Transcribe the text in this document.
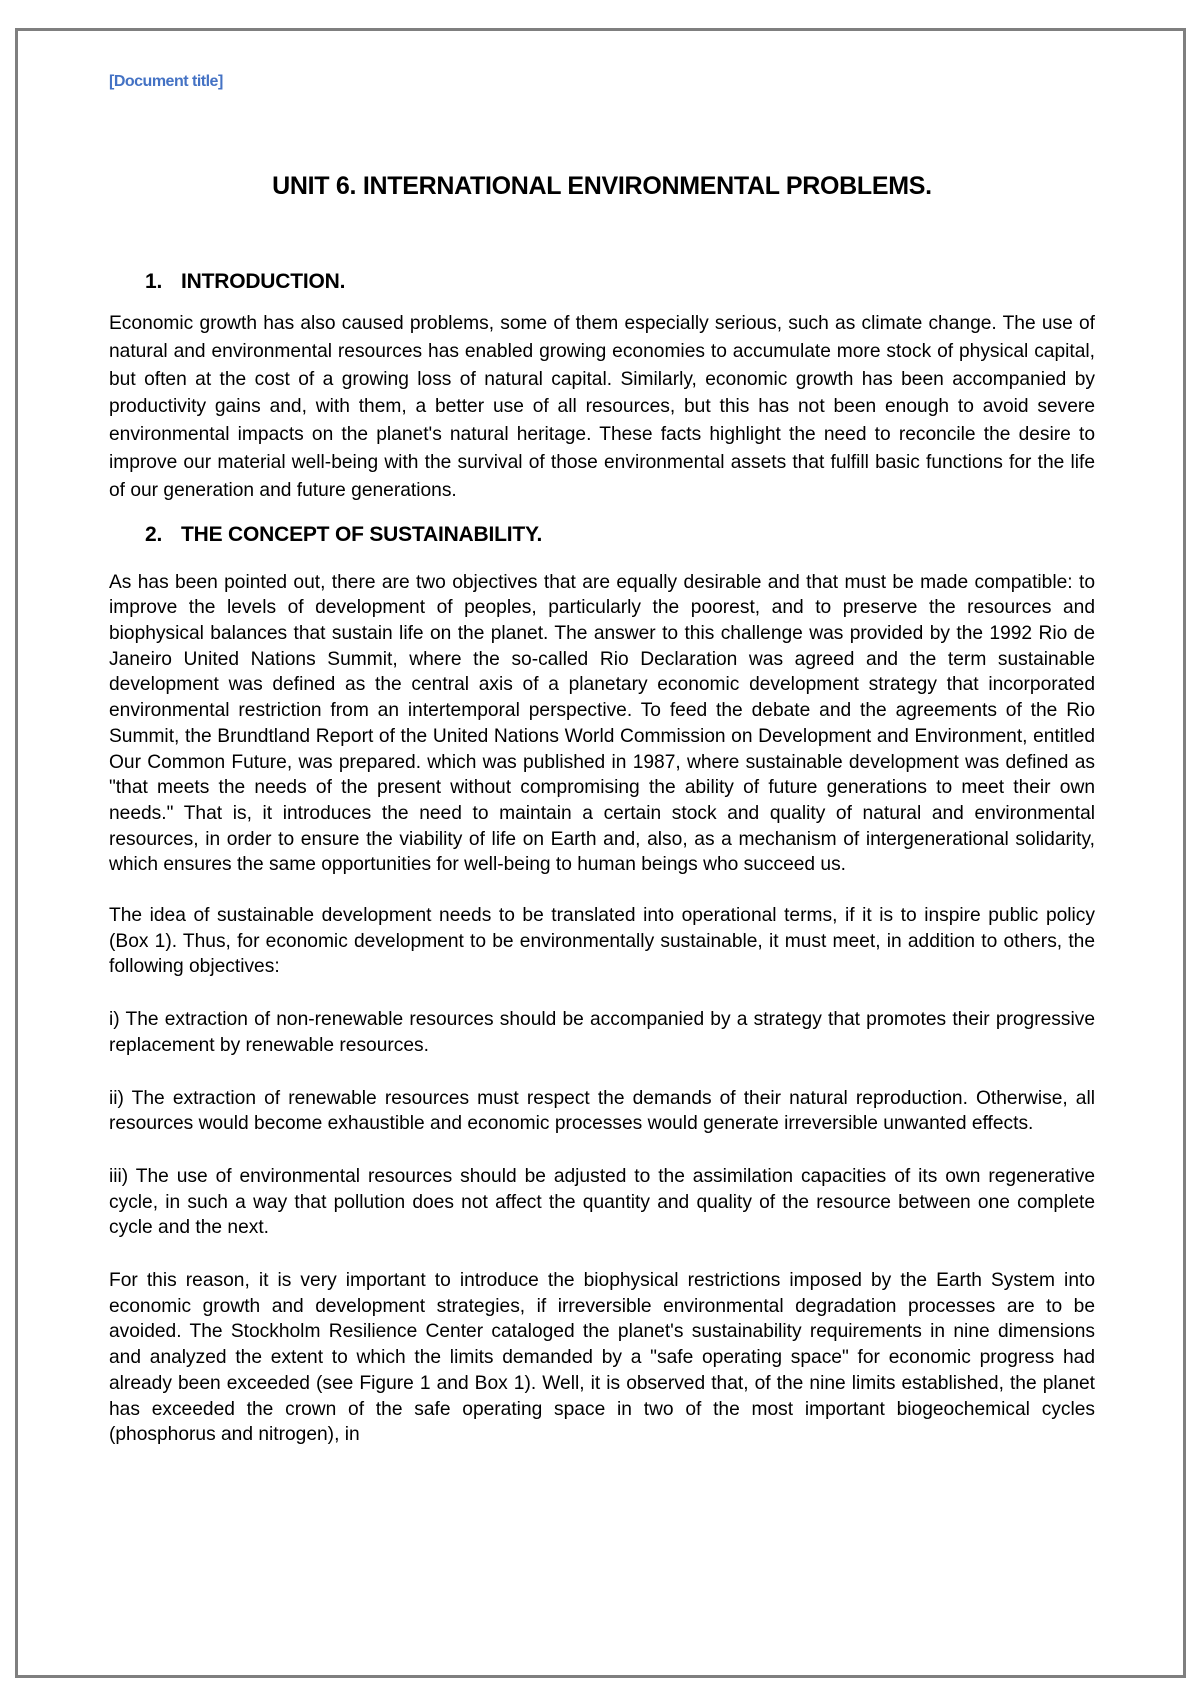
[Document title]
UNIT 6. INTERNATIONAL ENVIRONMENTAL PROBLEMS.
1. INTRODUCTION.

Economic growth has also caused problems, some of them especially serious, such as climate change. The use of natural and environmental resources has enabled growing economies to accumulate more stock of physical capital, but often at the cost of a growing loss of natural capital. Similarly, economic growth has been accompanied by productivity gains and, with them, a better use of all resources, but this has not been enough to avoid severe environmental impacts on the planet's natural heritage. These facts highlight the need to reconcile the desire to improve our material well-being with the survival of those environmental assets that fulfill basic functions for the life of our generation and future generations.

2. THE CONCEPT OF SUSTAINABILITY.

As has been pointed out, there are two objectives that are equally desirable and that must be made compatible: to improve the levels of development of peoples, particularly the poorest, and to preserve the resources and biophysical balances that sustain life on the planet. The answer to this challenge was provided by the 1992 Rio de Janeiro United Nations Summit, where the so-called Rio Declaration was agreed and the term sustainable development was defined as the central axis of a planetary economic development strategy that incorporated environmental restriction from an intertemporal perspective. To feed the debate and the agreements of the Rio Summit, the Brundtland Report of the United Nations World Commission on Development and Environment, entitled Our Common Future, was prepared. which was published in 1987, where sustainable development was defined as "that meets the needs of the present without compromising the ability of future generations to meet their own needs." That is, it introduces the need to maintain a certain stock and quality of natural and environmental resources, in order to ensure the viability of life on Earth and, also, as a mechanism of intergenerational solidarity, which ensures the same opportunities for well-being to human beings who succeed us.

The idea of sustainable development needs to be translated into operational terms, if it is to inspire public policy (Box 1). Thus, for economic development to be environmentally sustainable, it must meet, in addition to others, the following objectives:

i) The extraction of non-renewable resources should be accompanied by a strategy that promotes their progressive replacement by renewable resources.

ii) The extraction of renewable resources must respect the demands of their natural reproduction. Otherwise, all resources would become exhaustible and economic processes would generate irreversible unwanted effects.

iii) The use of environmental resources should be adjusted to the assimilation capacities of its own regenerative cycle, in such a way that pollution does not affect the quantity and quality of the resource between one complete cycle and the next.

For this reason, it is very important to introduce the biophysical restrictions imposed by the Earth System into economic growth and development strategies, if irreversible environmental degradation processes are to be avoided. The Stockholm Resilience Center cataloged the planet's sustainability requirements in nine dimensions and analyzed the extent to which the limits demanded by a "safe operating space" for economic progress had already been exceeded (see Figure 1 and Box 1). Well, it is observed that, of the nine limits established, the planet has exceeded the crown of the safe operating space in two of the most important biogeochemical cycles (phosphorus and nitrogen), in
